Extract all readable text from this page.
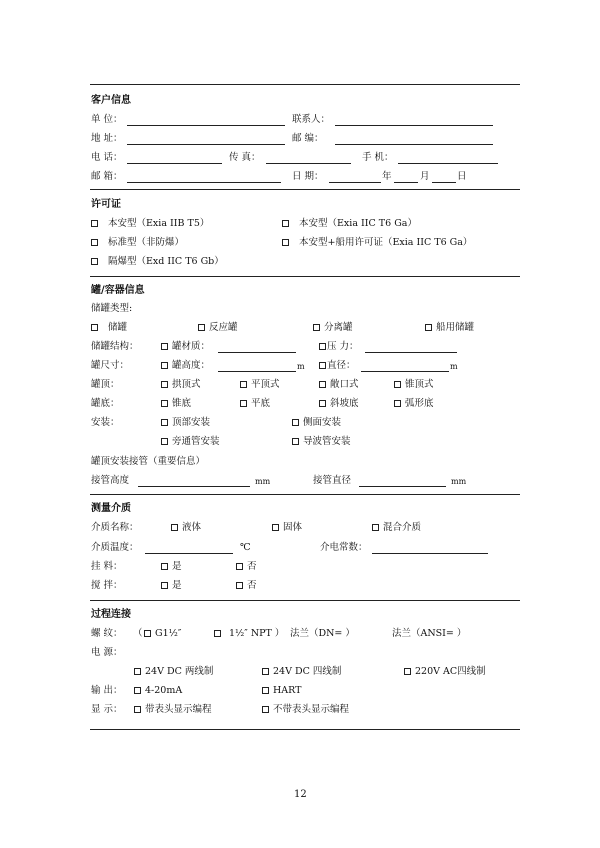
客户信息
单 位：	联系人：
地 址：	邮 编：
电 话：	传 真：	手 机：
邮 箱：	日 期：	年	月	日
许可证
本安型（Exia IIB T5）	本安型（Exia IIC T6 Ga）
标准型（非防爆）	本安型+船用许可证（Exia IIC T6 Ga）
隔爆型（Exd IIC T6 Gb）
罐/容器信息
储罐类型:
储罐	反应罐	分离罐	船用储罐
储罐结构：	罐材质：	压 力：
罐尺寸：	罐高度：	m	直径：	m
罐顶：	拱顶式	平顶式	敞口式	锥顶式
罐底：	锥底	平底	斜坡底	弧形底
安装：	顶部安装	侧面安装
旁通管安装	导波管安装
罐顶安装接管（重要信息）
接管高度	mm	接管直径	mm
测量介质
介质名称：	液体	固体	混合介质
介质温度：	℃	介电常数：
挂 料：	是	否
搅 拌：	是	否
过程连接
螺 纹： （	G1½″	1½″ NPT ） 法兰（DN= ）	法兰（ANSI= ）
电 源：
24V DC 两线制	24V DC 四线制	220V AC四线制
输 出：	4-20mA	HART
显 示：	带表头显示编程	不带表头显示编程
12
